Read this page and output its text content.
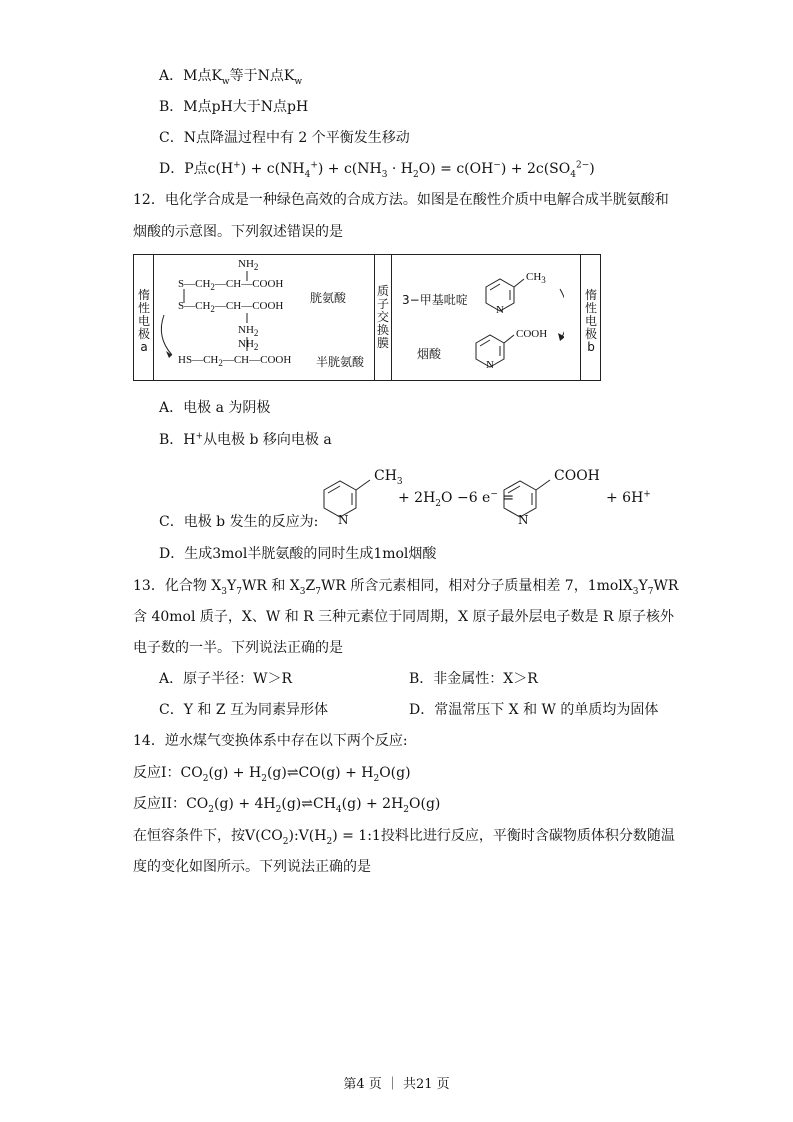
A．M点$K_w$等于N点$K_w$
B．M点pH大于N点pH
C．N点降温过程中有 2 个平衡发生移动
D．P点$c(H^+) + c(NH_4^+) + c(NH_3 \cdot H_2O) = c(OH^-) + 2c(SO_4^{2-})$
12．电化学合成是一种绿色高效的合成方法。如图是在酸性介质中电解合成半胱氨酸和
烟酸的示意图。下列叙述错误的是
惰
性
电
极
a
质
子
交
换
膜
惰
性
电
极
b
$NH_2$
$S—CH_2—CH—COOH$
胱氨酸
$S—CH_2—CH—COOH$
$NH_2$
$NH_2$
$HS—CH_2—CH—COOH$ 半胱氨酸
3−甲基吡啶
烟酸
$CH_3$
N
COOH
N
A．电极 a 为阴极
B．H+从电极 b 移向电极 a
$CH_3$
N
+ $2H_2O -6$ e− =
COOH
N
+ 6H+
C．电极 b 发生的反应为:
D．生成3mol半胱氨酸的同时生成1mol烟酸
13．化合物 $X_3Y_7WR$ 和 $X_3Z_7WR$ 所含元素相同，相对分子质量相差 7，$1molX_3Y_7WR$
含 40mol 质子，X、W 和 R 三种元素位于同周期，X 原子最外层电子数是 R 原子核外
电子数的一半。下列说法正确的是
A．原子半径：W＞R	B．非金属性：X＞R
C．Y 和 Z 互为同素异形体	D．常温常压下 X 和 W 的单质均为固体
14．逆水煤气变换体系中存在以下两个反应:
反应I：$CO_2(g)$ + $H_2(g)\rightleftharpoons CO(g) + H_2O(g)$
反应II：$CO_2(g)$ + $4H_2(g)\rightleftharpoons CH_4(g) + 2H_2O(g)$
在恒容条件下，按$V(CO_2):V(H_2)$ = 1:1投料比进行反应，平衡时含碳物质体积分数随温
度的变化如图所示。下列说法正确的是
第4 页 ｜ 共21 页
